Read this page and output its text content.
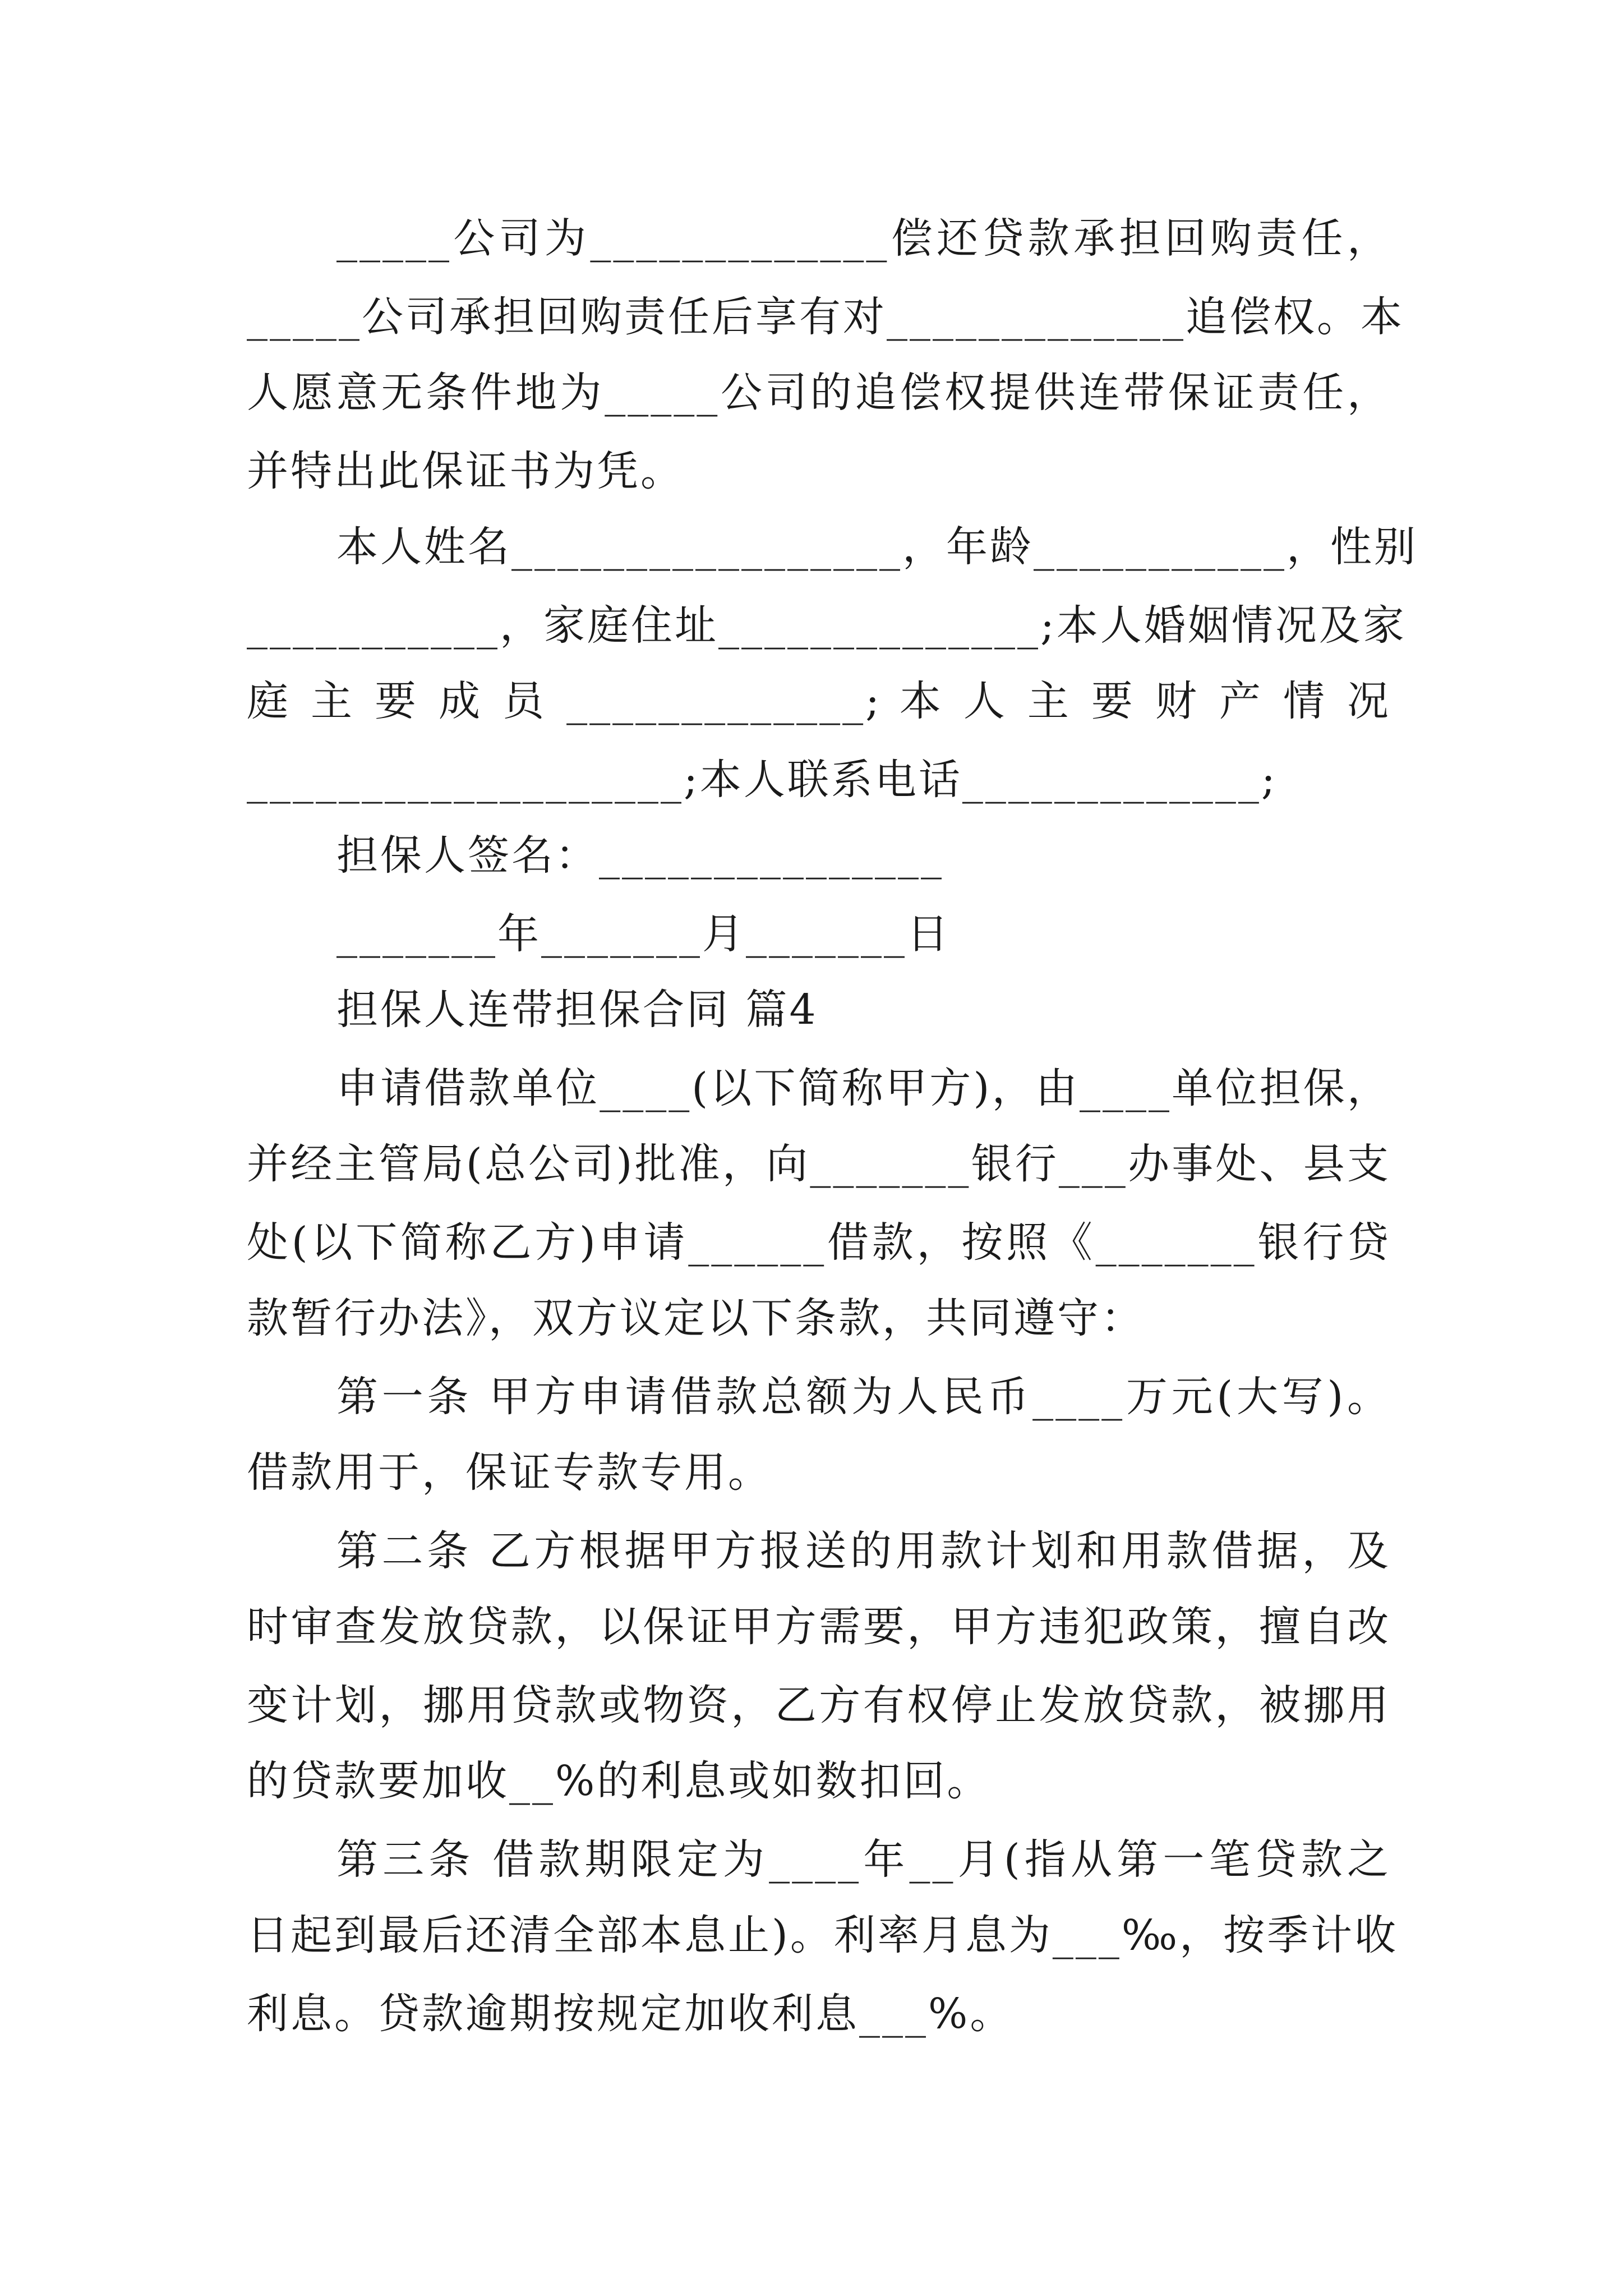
_____公司为_____________偿还贷款承担回购责任，
_____公司承担回购责任后享有对_____________追偿权。本
人愿意无条件地为_____公司的追偿权提供连带保证责任，
并特出此保证书为凭。
本人姓名_________________，年龄___________，性别
___________，家庭住址______________;本人婚姻情况及家
庭 主 要 成 员 _____________; 本 人 主 要 财 产 情 况
___________________;本人联系电话_____________;
担保人签名：_______________
_______年_______月_______日
担保人连带担保合同 篇4
申请借款单位____(以下简称甲方)，由____单位担保，
并经主管局(总公司)批准，向_______银行___办事处、县支
处(以下简称乙方)申请______借款，按照《_______银行贷
款暂行办法》，双方议定以下条款，共同遵守：
第一条 甲方申请借款总额为人民币____万元(大写)。
借款用于，保证专款专用。
第二条 乙方根据甲方报送的用款计划和用款借据，及
时审查发放贷款，以保证甲方需要，甲方违犯政策，擅自改
变计划，挪用贷款或物资，乙方有权停止发放贷款，被挪用
的贷款要加收__%的利息或如数扣回。
第三条 借款期限定为____年__月(指从第一笔贷款之
日起到最后还清全部本息止)。利率月息为___‰，按季计收
利息。贷款逾期按规定加收利息___%。
